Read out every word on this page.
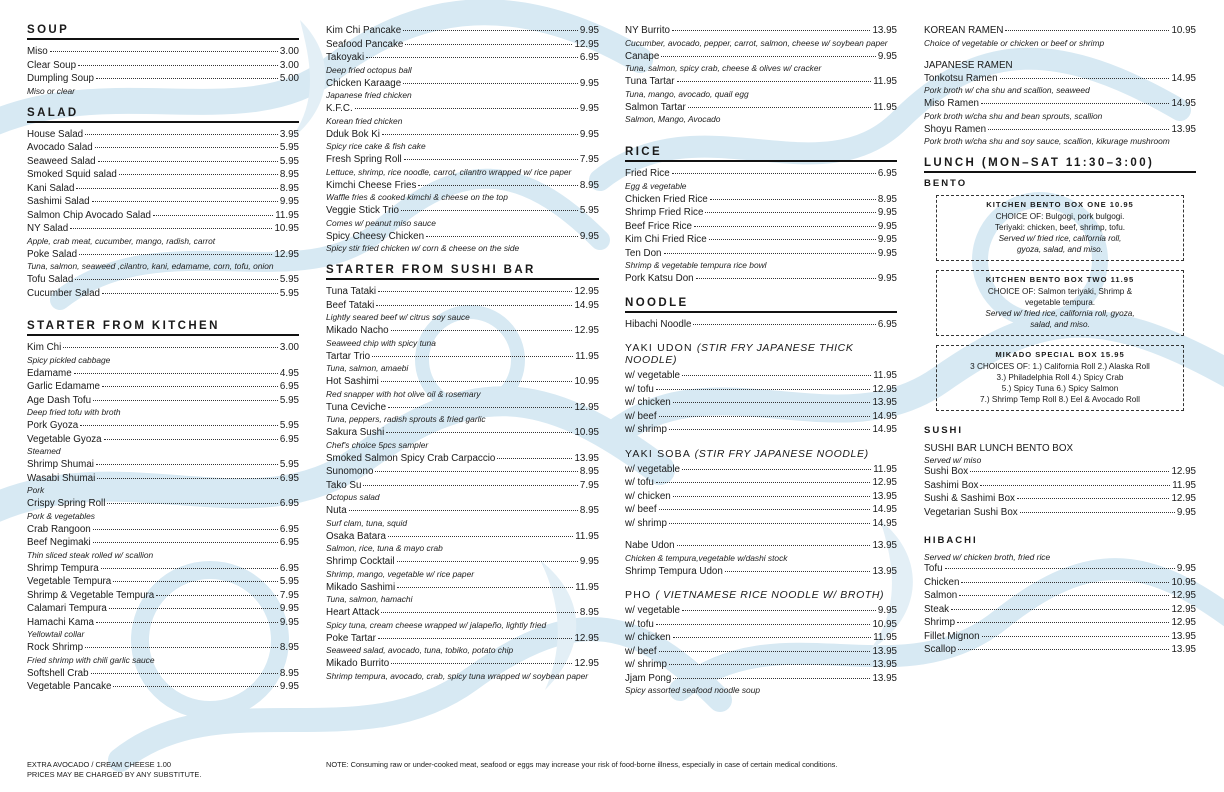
SOUP
Miso	3.00
Clear Soup	3.00
Dumpling Soup	5.00
Miso or clear
SALAD
House Salad	3.95
Avocado Salad	5.95
Seaweed Salad	5.95
Smoked Squid salad	8.95
Kani Salad	8.95
Sashimi Salad	9.95
Salmon Chip Avocado Salad	11.95
NY Salad	10.95
Apple, crab meat, cucumber, mango, radish, carrot
Poke Salad	12.95
Tuna, salmon, seaweed ,cilantro, kani, edamame, corn, tofu, onion
Tofu Salad	5.95
Cucumber Salad	5.95
STARTER FROM KITCHEN
Kim Chi	3.00
Spicy pickled cabbage
Edamame	4.95
Garlic Edamame	6.95
Age Dash Tofu	5.95
Deep fried tofu with broth
Pork Gyoza	5.95
Vegetable Gyoza	6.95
Steamed
Shrimp Shumai	5.95
Wasabi Shumai	6.95
Pork
Crispy Spring Roll	6.95
Pork & vegetables
Crab Rangoon	6.95
Beef Negimaki	6.95
Thin sliced steak rolled w/ scallion
Shrimp Tempura	6.95
Vegetable Tempura	5.95
Shrimp & Vegetable Tempura	7.95
Calamari Tempura	9.95
Hamachi Kama	9.95
Yellowtail collar
Rock Shrimp	8.95
Fried shrimp with chili garlic sauce
Softshell Crab	8.95
Vegetable Pancake	9.95
Kim Chi Pancake	9.95
Seafood Pancake	12.95
Takoyaki	6.95
Deep fried octopus ball
Chicken Karaage	9.95
Japanese fried chicken
K.F.C.	9.95
Korean fried chicken
Dduk Bok Ki	9.95
Spicy rice cake & fish cake
Fresh Spring Roll	7.95
Lettuce, shrimp, rice noodle, carrot, cilantro wrapped w/ rice paper
Kimchi Cheese Fries	8.95
Waffle fries & cooked kimchi & cheese on the top
Veggie Stick Trio	5.95
Comes w/ peanut miso sauce
Spicy Cheesy Chicken	9.95
Spicy stir fried chicken w/ corn & cheese on the side
STARTER FROM SUSHI BAR
Tuna Tataki	12.95
Beef Tataki	14.95
Lightly seared beef w/ citrus soy sauce
Mikado Nacho	12.95
Seaweed chip with spicy tuna
Tartar Trio	11.95
Tuna, salmon, amaebi
Hot Sashimi	10.95
Red snapper with hot olive oil & rosemary
Tuna Ceviche	12.95
Tuna, peppers, radish sprouts & fried garlic
Sakura Sushi	10.95
Chef's choice 5pcs sampler
Smoked Salmon Spicy Crab Carpaccio	13.95
Sunomono	8.95
Tako Su	7.95
Octopus salad
Nuta	8.95
Surf clam, tuna, squid
Osaka Batara	11.95
Salmon, rice, tuna & mayo crab
Shrimp Cocktail	9.95
Shrimp, mango, vegetable w/ rice paper
Mikado Sashimi	11.95
Tuna, salmon, hamachi
Heart Attack	8.95
Spicy tuna, cream cheese wrapped w/ jalapeño, lightly fried
Poke Tartar	12.95
Seaweed salad, avocado, tuna, tobiko, potato chip
Mikado Burrito	12.95
Shrimp tempura, avocado, crab, spicy tuna wrapped w/ soybean paper
NY Burrito	13.95
Cucumber, avocado, pepper, carrot, salmon, cheese w/ soybean paper
Canape	9.95
Tuna, salmon, spicy crab, cheese & olives w/ cracker
Tuna Tartar	11.95
Tuna, mango, avocado, quail egg
Salmon Tartar	11.95
Salmon, Mango, Avocado
RICE
Fried Rice	6.95
Egg & vegetable
Chicken Fried Rice	8.95
Shrimp Fried Rice	9.95
Beef Frice Rice	9.95
Kim Chi Fried Rice	9.95
Ten Don	9.95
Shrimp & vegetable tempura rice bowl
Pork Katsu Don	9.95
NOODLE
Hibachi Noodle	6.95
YAKI UDON (STIR FRY JAPANESE THICK NOODLE)
w/ vegetable	11.95
w/ tofu	12.95
w/ chicken	13.95
w/ beef	14.95
w/ shrimp	14.95
YAKI SOBA (STIR FRY JAPANESE NOODLE)
w/ vegetable	11.95
w/ tofu	12.95
w/ chicken	13.95
w/ beef	14.95
w/ shrimp	14.95
Nabe Udon	13.95
Chicken & tempura,vegetable w/dashi stock
Shrimp Tempura Udon	13.95
PHO ( VIETNAMESE RICE NOODLE W/ BROTH)
w/ vegetable	9.95
w/ tofu	10.95
w/ chicken	11.95
w/ beef	13.95
w/ shrimp	13.95
Jjam Pong	13.95
Spicy assorted seafood noodle soup
KOREAN RAMEN	10.95
Choice of vegetable or chicken or beef or shrimp
JAPANESE RAMEN
Tonkotsu Ramen	14.95
Pork broth w/ cha shu and scallion, seaweed
Miso Ramen	14.95
Pork broth w/cha shu and bean sprouts, scallion
Shoyu Ramen	13.95
Pork broth w/cha shu and soy sauce, scallion, kikurage mushroom
LUNCH (MON–SAT 11:30–3:00)
BENTO
KITCHEN BENTO BOX ONE 10.95
CHOICE OF: Bulgogi, pork bulgogi.
Teriyaki: chicken, beef, shrimp, tofu.
Served w/ fried rice, california roll,
gyoza, salad, and miso.
KITCHEN BENTO BOX TWO 11.95
CHOICE OF: Salmon teriyaki, Shrimp &
vegetable tempura.
Served w/ fried rice, california roll, gyoza,
salad, and miso.
MIKADO SPECIAL BOX 15.95
3 CHOICES OF: 1.) California Roll 2.) Alaska Roll
3.) Philadelphia Roll 4.) Spicy Crab
5.) Spicy Tuna 6.) Spicy Salmon
7.) Shrimp Temp Roll 8.) Eel & Avocado Roll
SUSHI
SUSHI BAR LUNCH BENTO BOX
Served w/ miso
Sushi Box	12.95
Sashimi Box	11.95
Sushi & Sashimi Box	12.95
Vegetarian Sushi Box	9.95
HIBACHI
Served w/ chicken broth, fried rice
Tofu	9.95
Chicken	10.95
Salmon	12.95
Steak	12.95
Shrimp	12.95
Fillet Mignon	13.95
Scallop	13.95
EXTRA AVOCADO / CREAM CHEESE 1.00
PRICES MAY BE CHARGED BY ANY SUBSTITUTE.
NOTE: Consuming raw or under-cooked meat, seafood or eggs may increase your risk of food-borne illness, especially in case of certain medical conditions.
